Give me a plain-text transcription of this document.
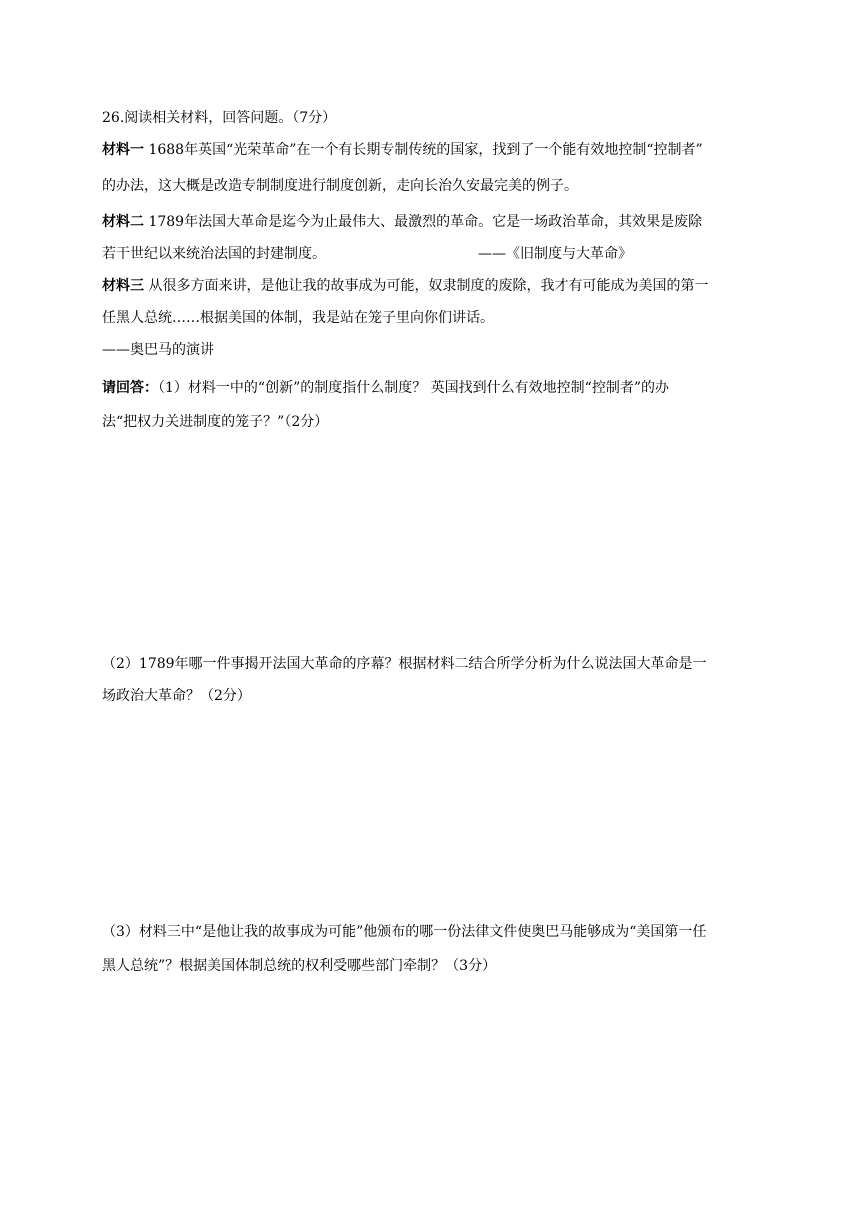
26.阅读相关材料，回答问题。（7分）
材料一 1688年英国“光荣革命”在一个有长期专制传统的国家，找到了一个能有效地控制“控制者”
的办法，这大概是改造专制制度进行制度创新，走向长治久安最完美的例子。
材料二 1789年法国大革命是迄今为止最伟大、最激烈的革命。它是一场政治革命，其效果是废除
若干世纪以来统治法国的封建制度。	——《旧制度与大革命》
材料三 从很多方面来讲，是他让我的故事成为可能，奴隶制度的废除，我才有可能成为美国的第一
任黑人总统……根据美国的体制，我是站在笼子里向你们讲话。
——奥巴马的演讲
请回答：（1）材料一中的“创新”的制度指什么制度？ 英国找到什么有效地控制“控制者”的办
法“把权力关进制度的笼子？”（2分）
（2）1789年哪一件事揭开法国大革命的序幕？根据材料二结合所学分析为什么说法国大革命是一
场政治大革命？（2分）
（3）材料三中“是他让我的故事成为可能”他颁布的哪一份法律文件使奥巴马能够成为“美国第一任
黑人总统”？根据美国体制总统的权利受哪些部门牵制？（3分）
